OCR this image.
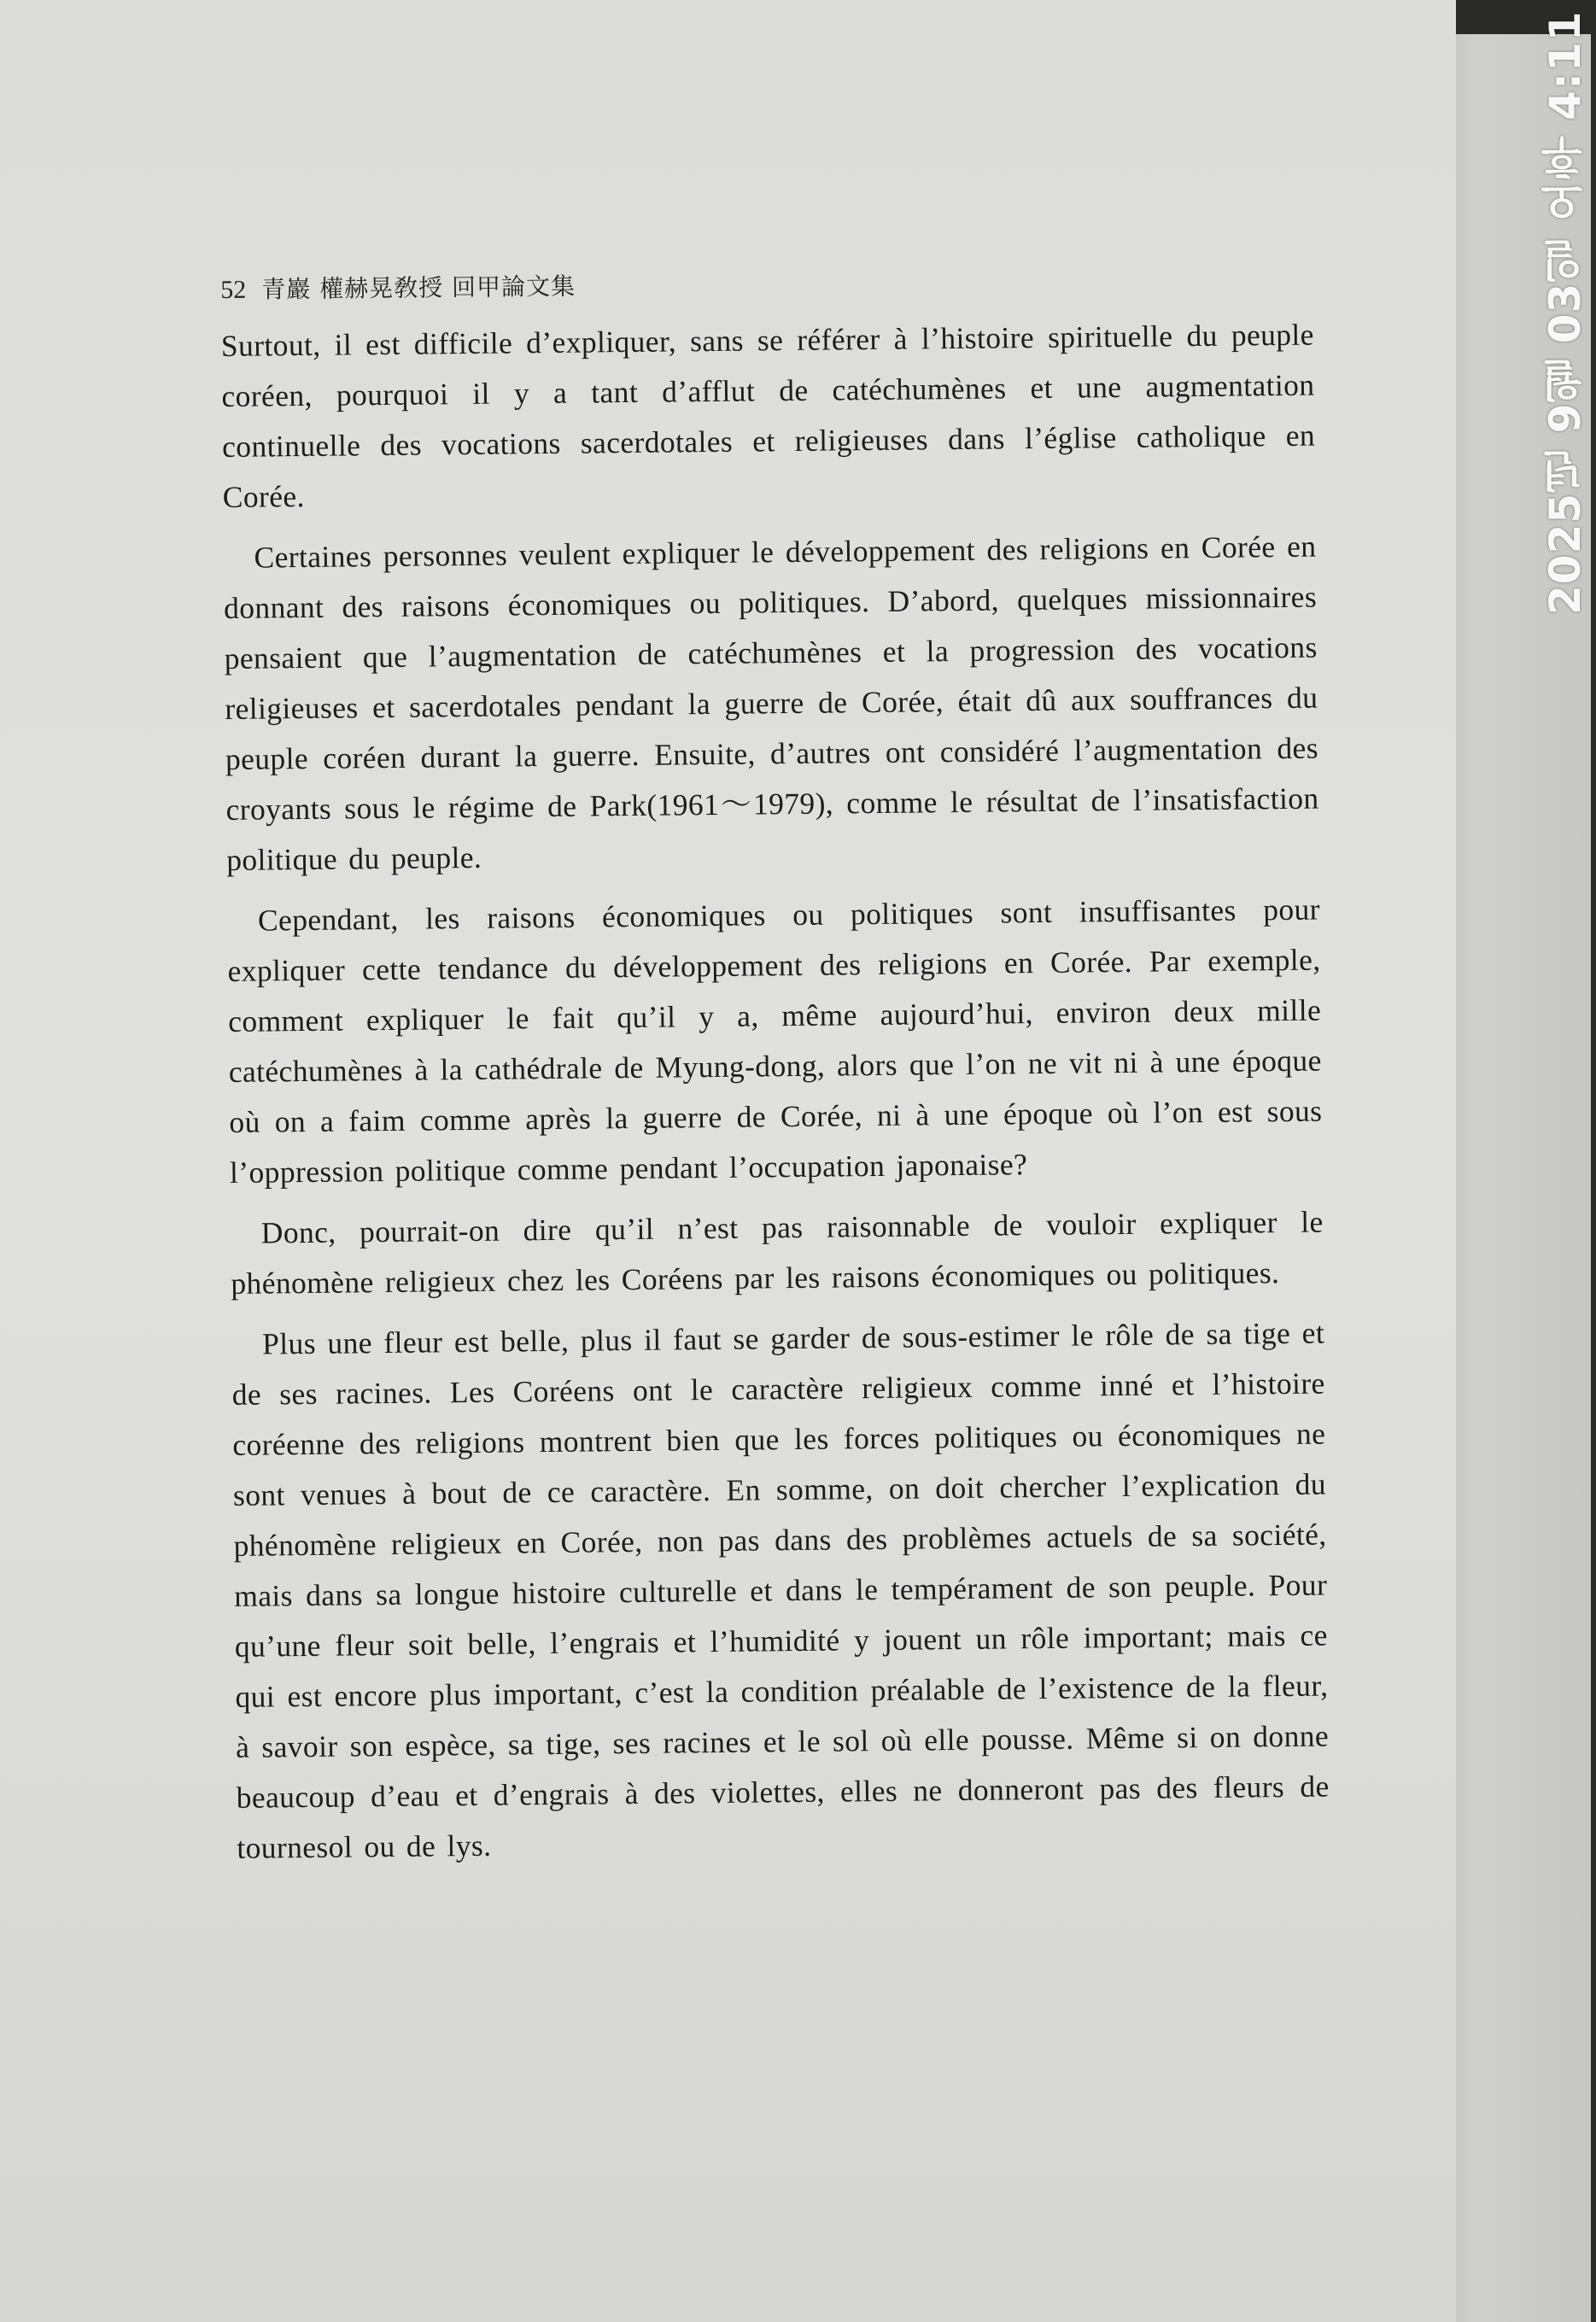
52 青巖 權赫晃敎授 回甲論文集

Surtout, il est difficile d’expliquer, sans se référer à l’histoire spirituelle du peuple coréen, pourquoi il y a tant d’afflut de catéchumènes et une augmentation continuelle des vocations sacerdotales et religieuses dans l’église catholique en Corée.

Certaines personnes veulent expliquer le développement des religions en Corée en donnant des raisons économiques ou politiques. D’abord, quelques missionnaires pensaient que l’augmentation de catéchumènes et la progression des vocations religieuses et sacerdotales pendant la guerre de Corée, était dû aux souffrances du peuple coréen durant la guerre. Ensuite, d’autres ont considéré l’augmentation des croyants sous le régime de Park(1961〜1979), comme le résultat de l’insatisfaction politique du peuple.

Cependant, les raisons économiques ou politiques sont insuffisantes pour expliquer cette tendance du développement des religions en Corée. Par exemple, comment expliquer le fait qu’il y a, même aujourd’hui, environ deux mille catéchumènes à la cathédrale de Myung-dong, alors que l’on ne vit ni à une époque où on a faim comme après la guerre de Corée, ni à une époque où l’on est sous l’oppression politique comme pendant l’occupation japonaise?

Donc, pourrait-on dire qu’il n’est pas raisonnable de vouloir expliquer le phénomène religieux chez les Coréens par les raisons économiques ou politiques.

Plus une fleur est belle, plus il faut se garder de sous-estimer le rôle de sa tige et de ses racines. Les Coréens ont le caractère religieux comme inné et l’histoire coréenne des religions montrent bien que les forces politiques ou économiques ne sont venues à bout de ce caractère. En somme, on doit chercher l’explication du phénomène religieux en Corée, non pas dans des problèmes actuels de sa société, mais dans sa longue histoire culturelle et dans le tempérament de son peuple. Pour qu’une fleur soit belle, l’engrais et l’humidité y jouent un rôle important; mais ce qui est encore plus important, c’est la condition préalable de l’existence de la fleur, à savoir son espèce, sa tige, ses racines et le sol où elle pousse. Même si on donne beaucoup d’eau et d’engrais à des violettes, elles ne donneront pas des fleurs de tournesol ou de lys.

2025년 9월 03일 오후 4:11
